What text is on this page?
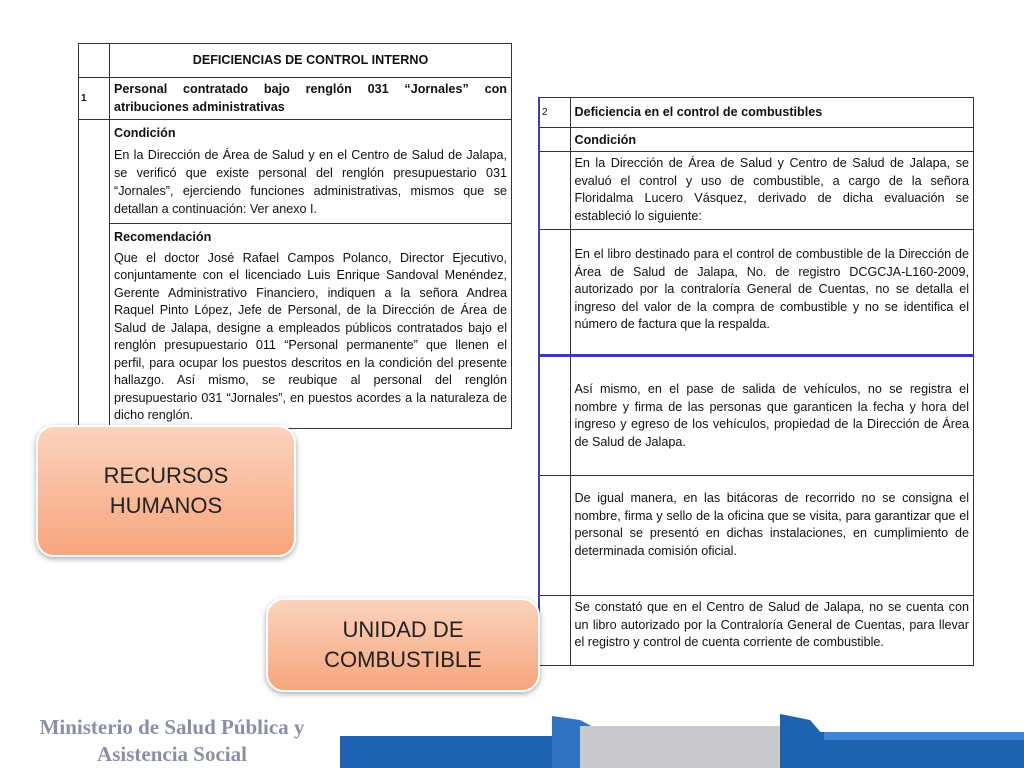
	DEFICIENCIAS DE CONTROL INTERNO
1	Personal contratado bajo renglón 031 “Jornales” con atribuciones administrativas
	Condición
	En la Dirección de Área de Salud y en el Centro de Salud de Jalapa, se verificó que existe personal del renglón presupuestario 031 “Jornales”, ejerciendo funciones administrativas, mismos que se detallan a continuación: Ver anexo I.
	Recomendación
	Que el doctor José Rafael Campos Polanco, Director Ejecutivo, conjuntamente con el licenciado Luis Enrique Sandoval Menéndez, Gerente Administrativo Financiero, indiquen a la señora Andrea Raquel Pinto López, Jefe de Personal, de la Dirección de Área de Salud de Jalapa, designe a empleados públicos contratados bajo el renglón presupuestario 011 “Personal permanente” que llenen el perfil, para ocupar los puestos descritos en la condición del presente hallazgo. Así mismo, se reubique al personal del renglón presupuestario 031 “Jornales”, en puestos acordes a la naturaleza de dicho renglón.
2	Deficiencia en el control de combustibles
	Condición
	En la Dirección de Área de Salud y Centro de Salud de Jalapa, se evaluó el control y uso de combustible, a cargo de la señora Floridalma Lucero Vásquez, derivado de dicha evaluación se estableció lo siguiente:
	En el libro destinado para el control de combustible de la Dirección de Área de Salud de Jalapa, No. de registro DCGCJA-L160-2009, autorizado por la contraloría General de Cuentas, no se detalla el ingreso del valor de la compra de combustible y no se identifica el número de factura que la respalda.
	Así mismo, en el pase de salida de vehículos, no se registra el nombre y firma de las personas que garanticen la fecha y hora del ingreso y egreso de los vehículos, propiedad de la Dirección de Área de Salud de Jalapa.
	De igual manera, en las bitácoras de recorrido no se consigna el nombre, firma y sello de la oficina que se visita, para garantizar que el personal se presentó en dichas instalaciones, en cumplimiento de determinada comisión oficial.
	Se constató que en el Centro de Salud de Jalapa, no se cuenta con un libro autorizado por la Contraloría General de Cuentas, para llevar el registro y control de cuenta corriente de combustible.
RECURSOS HUMANOS
UNIDAD DE COMBUSTIBLE
Ministerio de Salud Pública y Asistencia Social
